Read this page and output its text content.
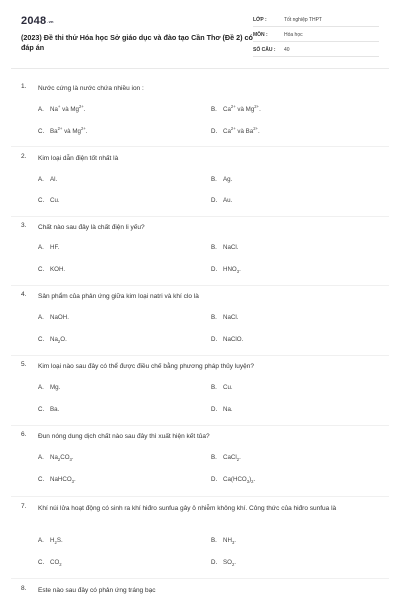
2048.vn
(2023) Đề thi thử Hóa học Sở giáo dục và đào tạo Cần Thơ (Đề 2) có đáp án
LỚP :	Tốt nghiệp THPT
MÔN :	Hóa học
SỐ CÂU : 40
1. Nước cứng là nước chứa nhiều ion :
A. Na+ và $Mg^{2+}$.	B. $Ca^{2+}$ và $Mg^{2+}$.
C. $Ba^{2+}$ và $Mg^{2+}$.	D. $Ca^{2+}$ và $Ba^{2+}$.
2. Kim loại dẫn điện tốt nhất là
A. Al.	B. Ag.
C. Cu.	D. Au.
3. Chất nào sau đây là chất điện li yếu?
A. HF.	B. NaCl.
C. KOH.	D. $HNO_3$.
4. Sản phẩm của phản ứng giữa kim loại natri và khí clo là
A. NaOH.	B. NaCl.
C. $Na_2O$.	D. NaClO.
5. Kim loại nào sau đây có thể được điều chế bằng phương pháp thủy luyện?
A. Mg.	B. Cu.
C. Ba.	D. Na.
6. Đun nóng dung dịch chất nào sau đây thì xuất hiện kết tủa?
A. $Na_2CO_3$.	B. CaCl$_2$.
C. NaHCO$_3$.	D. $Ca(HCO_3)_2$.
7. Khí núi lửa hoạt động có sinh ra khí hiđro sunfua gây ô nhiễm không khí. Công thức của hiđro sunfua là
A. $H_2S$.	B. $NH_3$.
C. $CO_2$	D. $SO_2$.
8. Este nào sau đây có phản ứng tráng bạc
